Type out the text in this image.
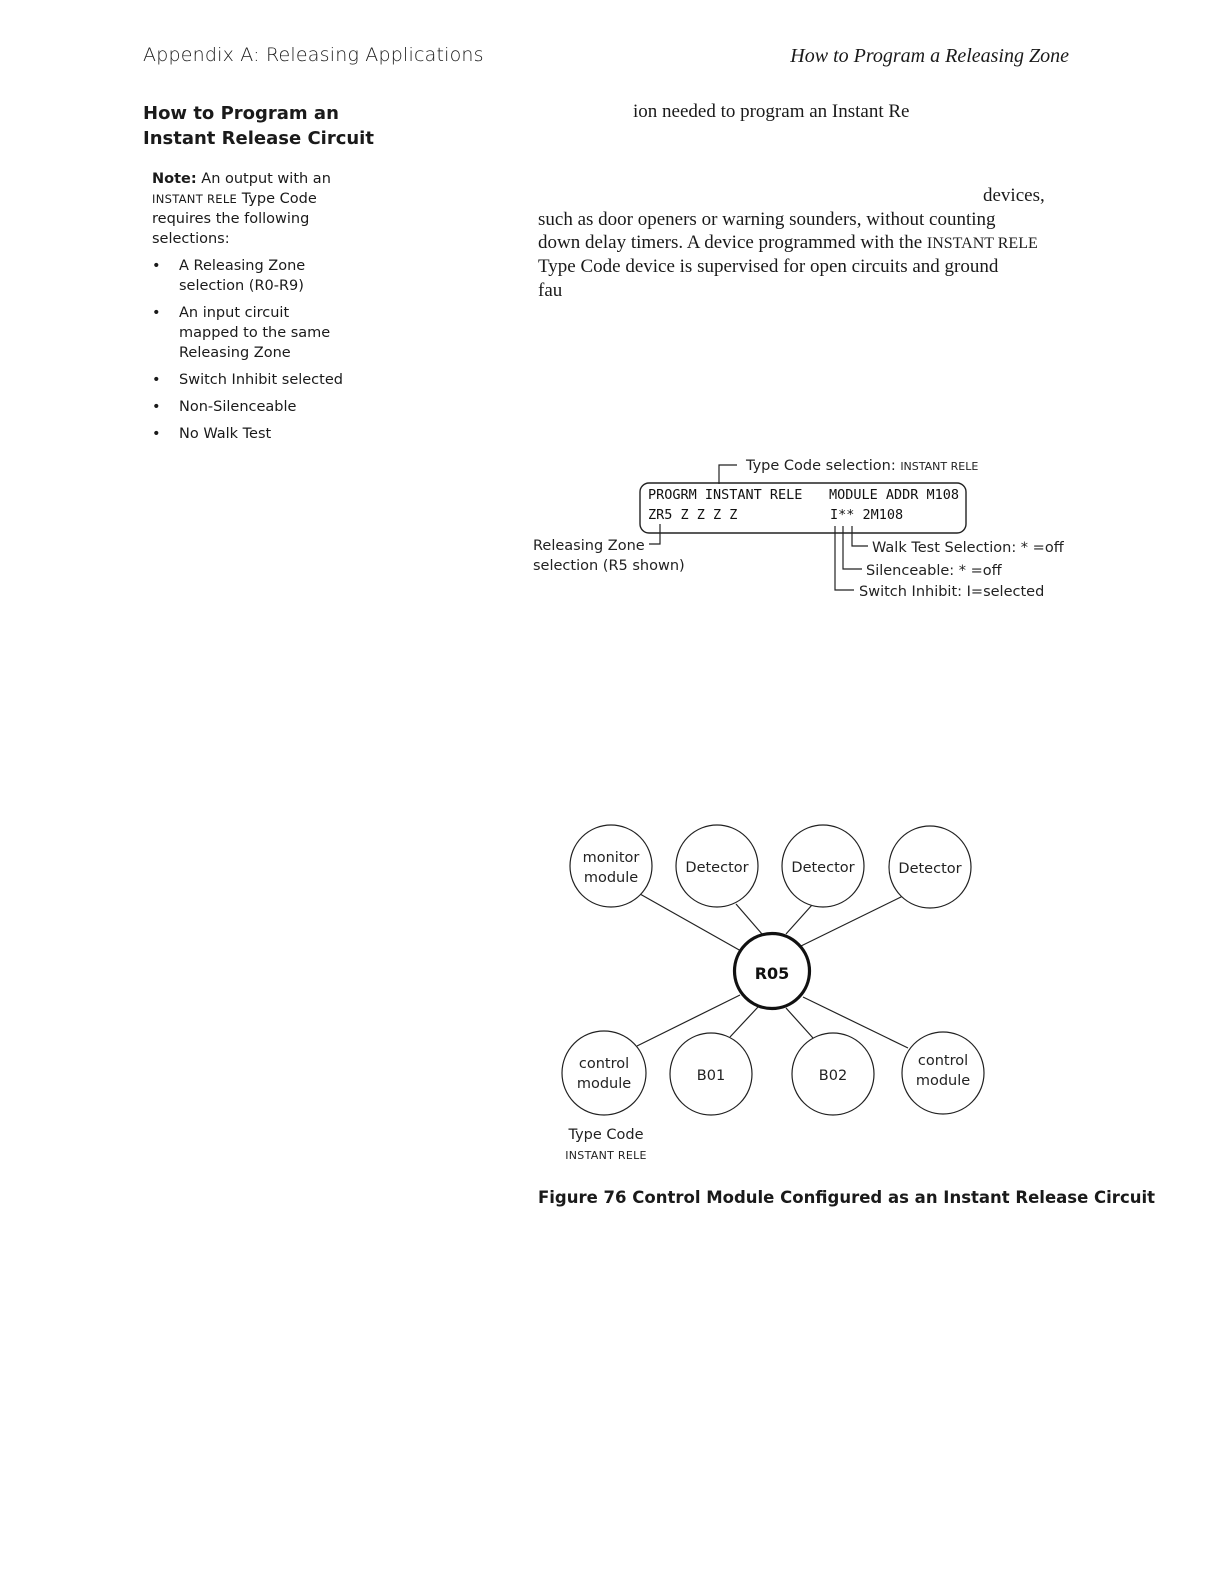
Appendix A: Releasing Applications	How to Program a Releasing Zone
How to Program an Instant Release Circuit
Note: An output with an INSTANT RELE Type Code requires the following selections:
• A Releasing Zone selection (R0-R9)
• An input circuit mapped to the same Releasing Zone
• Switch Inhibit selected
• Non-Silenceable
• No Walk Test
ion needed to program an Instant Re
devices,
such as door openers or warning sounders, without counting
down delay timers. A device programmed with the INSTANT RELE
Type Code device is supervised for open circuits and ground
fau
Type Code selection: INSTANT RELE
PROGRM INSTANT RELE MODULE ADDR M108
ZR5 Z Z Z Z	I** 2M108
Releasing Zone
selection (R5 shown)
Walk Test Selection: * =off
Silenceable: * =off
Switch Inhibit: I=selected
R05
monitor
module
Detector	Detector	Detector
control
module	B01	B02
control
module
Type Code
INSTANT RELE
Figure 76 Control Module Configured as an Instant Release Circuit
